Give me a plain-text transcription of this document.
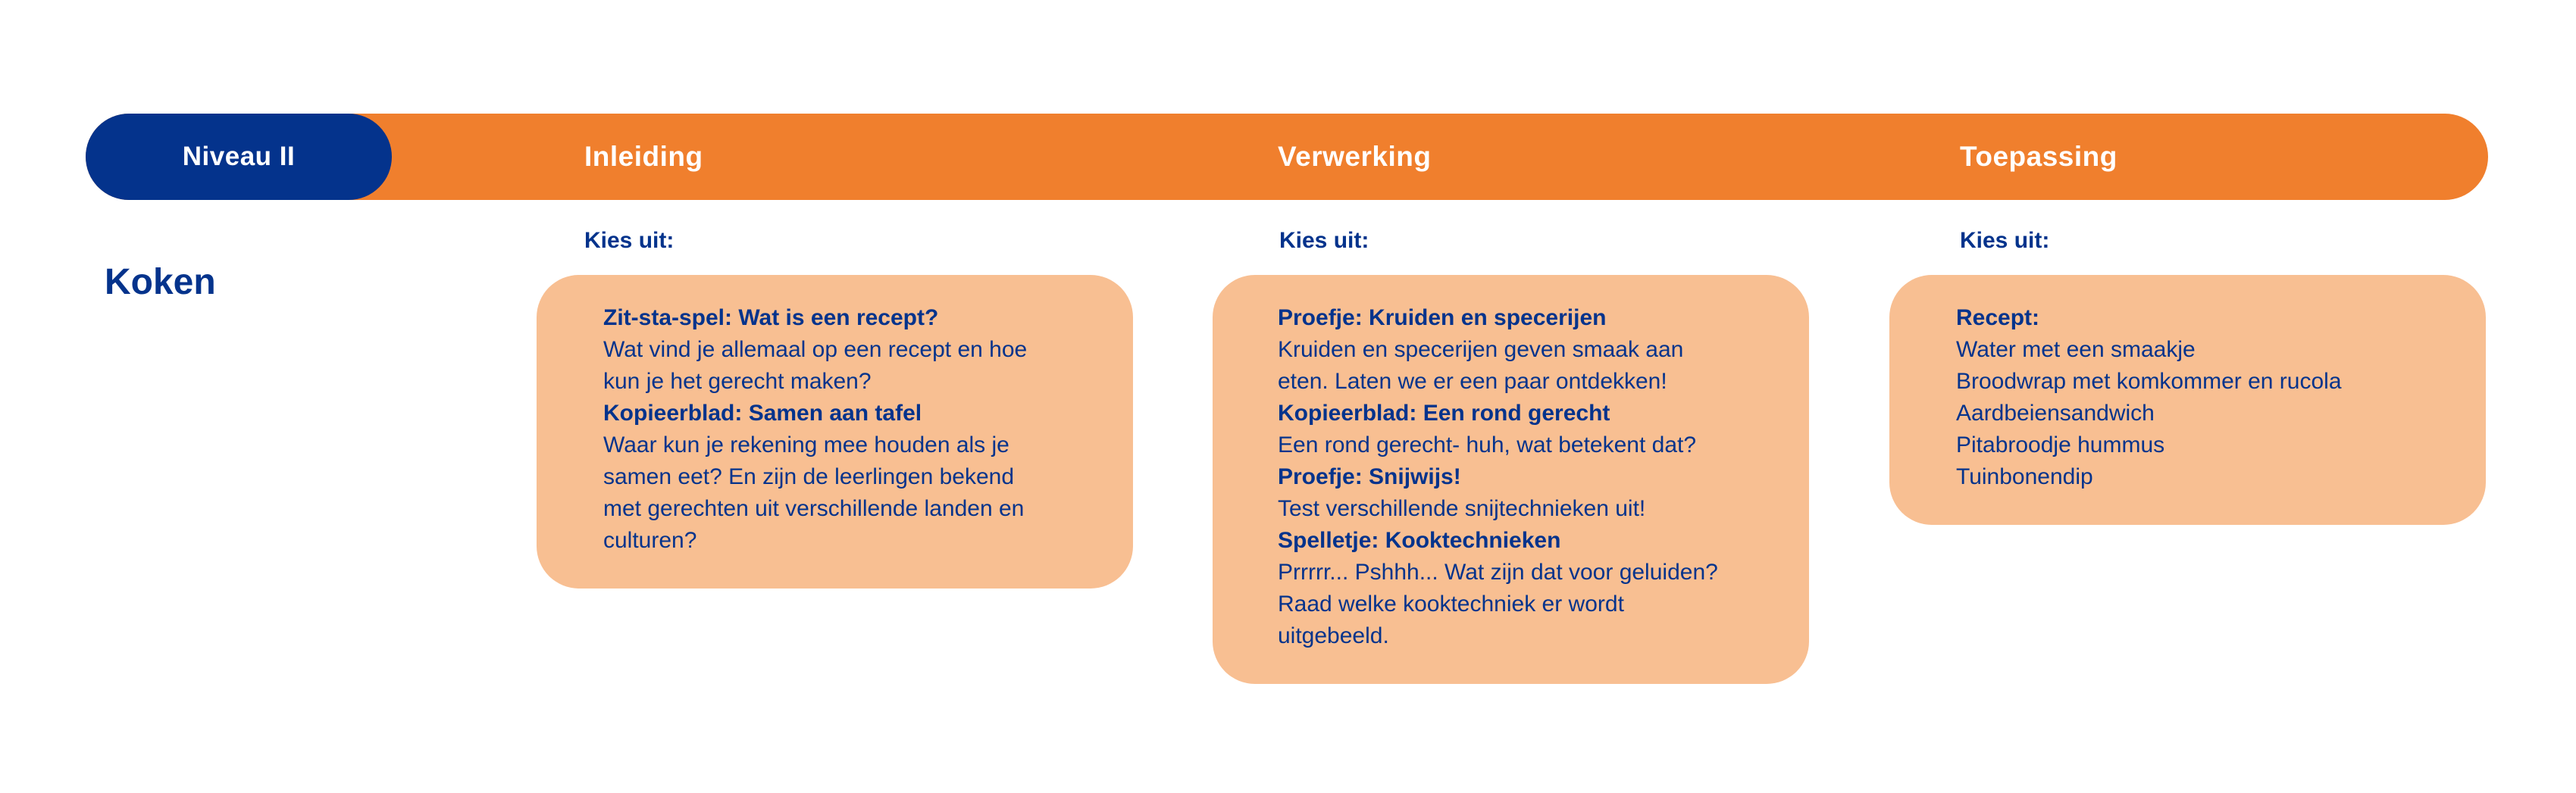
Niveau II	Inleiding	Verwerking	Toepassing
Koken
Kies uit:	Kies uit:	Kies uit:
Zit-sta-spel: Wat is een recept?
Wat vind je allemaal op een recept en hoe
kun je het gerecht maken?
Kopieerblad: Samen aan tafel
Waar kun je rekening mee houden als je
samen eet? En zijn de leerlingen bekend
met gerechten uit verschillende landen en
culturen?
Proefje: Kruiden en specerijen
Kruiden en specerijen geven smaak aan
eten. Laten we er een paar ontdekken!
Kopieerblad: Een rond gerecht
Een rond gerecht- huh, wat betekent dat?
Proefje: Snijwijs!
Test verschillende snijtechnieken uit!
Spelletje: Kooktechnieken
Prrrrr... Pshhh... Wat zijn dat voor geluiden?
Raad welke kooktechniek er wordt
uitgebeeld.
Recept:
Water met een smaakje
Broodwrap met komkommer en rucola
Aardbeiensandwich
Pitabroodje hummus
Tuinbonendip
